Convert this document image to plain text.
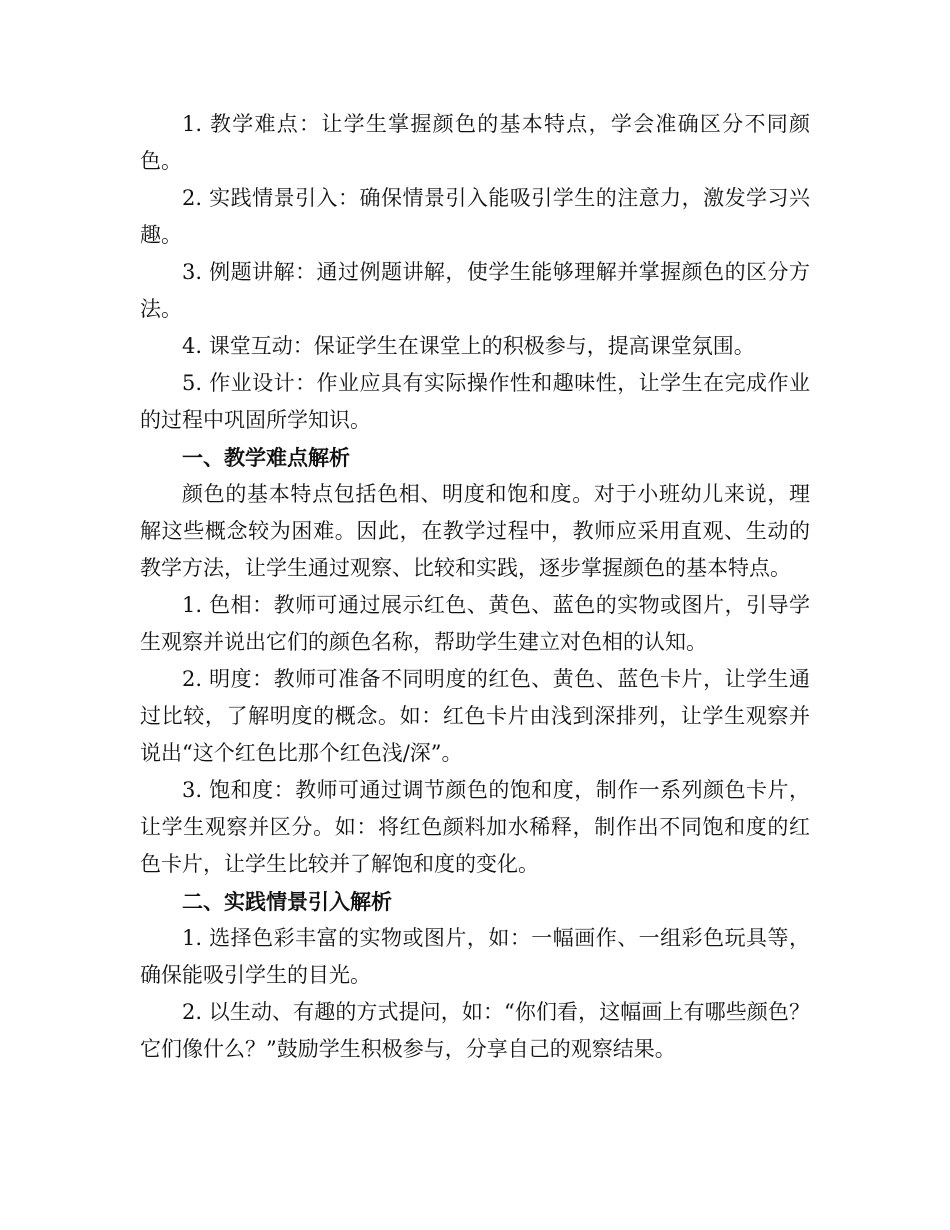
1. 教学难点：让学生掌握颜色的基本特点，学会准确区分不同颜色。

2. 实践情景引入：确保情景引入能吸引学生的注意力，激发学习兴趣。

3. 例题讲解：通过例题讲解，使学生能够理解并掌握颜色的区分方法。

4. 课堂互动：保证学生在课堂上的积极参与，提高课堂氛围。

5. 作业设计：作业应具有实际操作性和趣味性，让学生在完成作业的过程中巩固所学知识。

一、教学难点解析

颜色的基本特点包括色相、明度和饱和度。对于小班幼儿来说，理解这些概念较为困难。因此，在教学过程中，教师应采用直观、生动的教学方法，让学生通过观察、比较和实践，逐步掌握颜色的基本特点。

1. 色相：教师可通过展示红色、黄色、蓝色的实物或图片，引导学生观察并说出它们的颜色名称，帮助学生建立对色相的认知。

2. 明度：教师可准备不同明度的红色、黄色、蓝色卡片，让学生通过比较，了解明度的概念。如：红色卡片由浅到深排列，让学生观察并说出“这个红色比那个红色浅/深”。

3. 饱和度：教师可通过调节颜色的饱和度，制作一系列颜色卡片，让学生观察并区分。如：将红色颜料加水稀释，制作出不同饱和度的红色卡片，让学生比较并了解饱和度的变化。

二、实践情景引入解析

1. 选择色彩丰富的实物或图片，如：一幅画作、一组彩色玩具等，确保能吸引学生的目光。

2. 以生动、有趣的方式提问，如：“你们看，这幅画上有哪些颜色？它们像什么？”鼓励学生积极参与，分享自己的观察结果。
